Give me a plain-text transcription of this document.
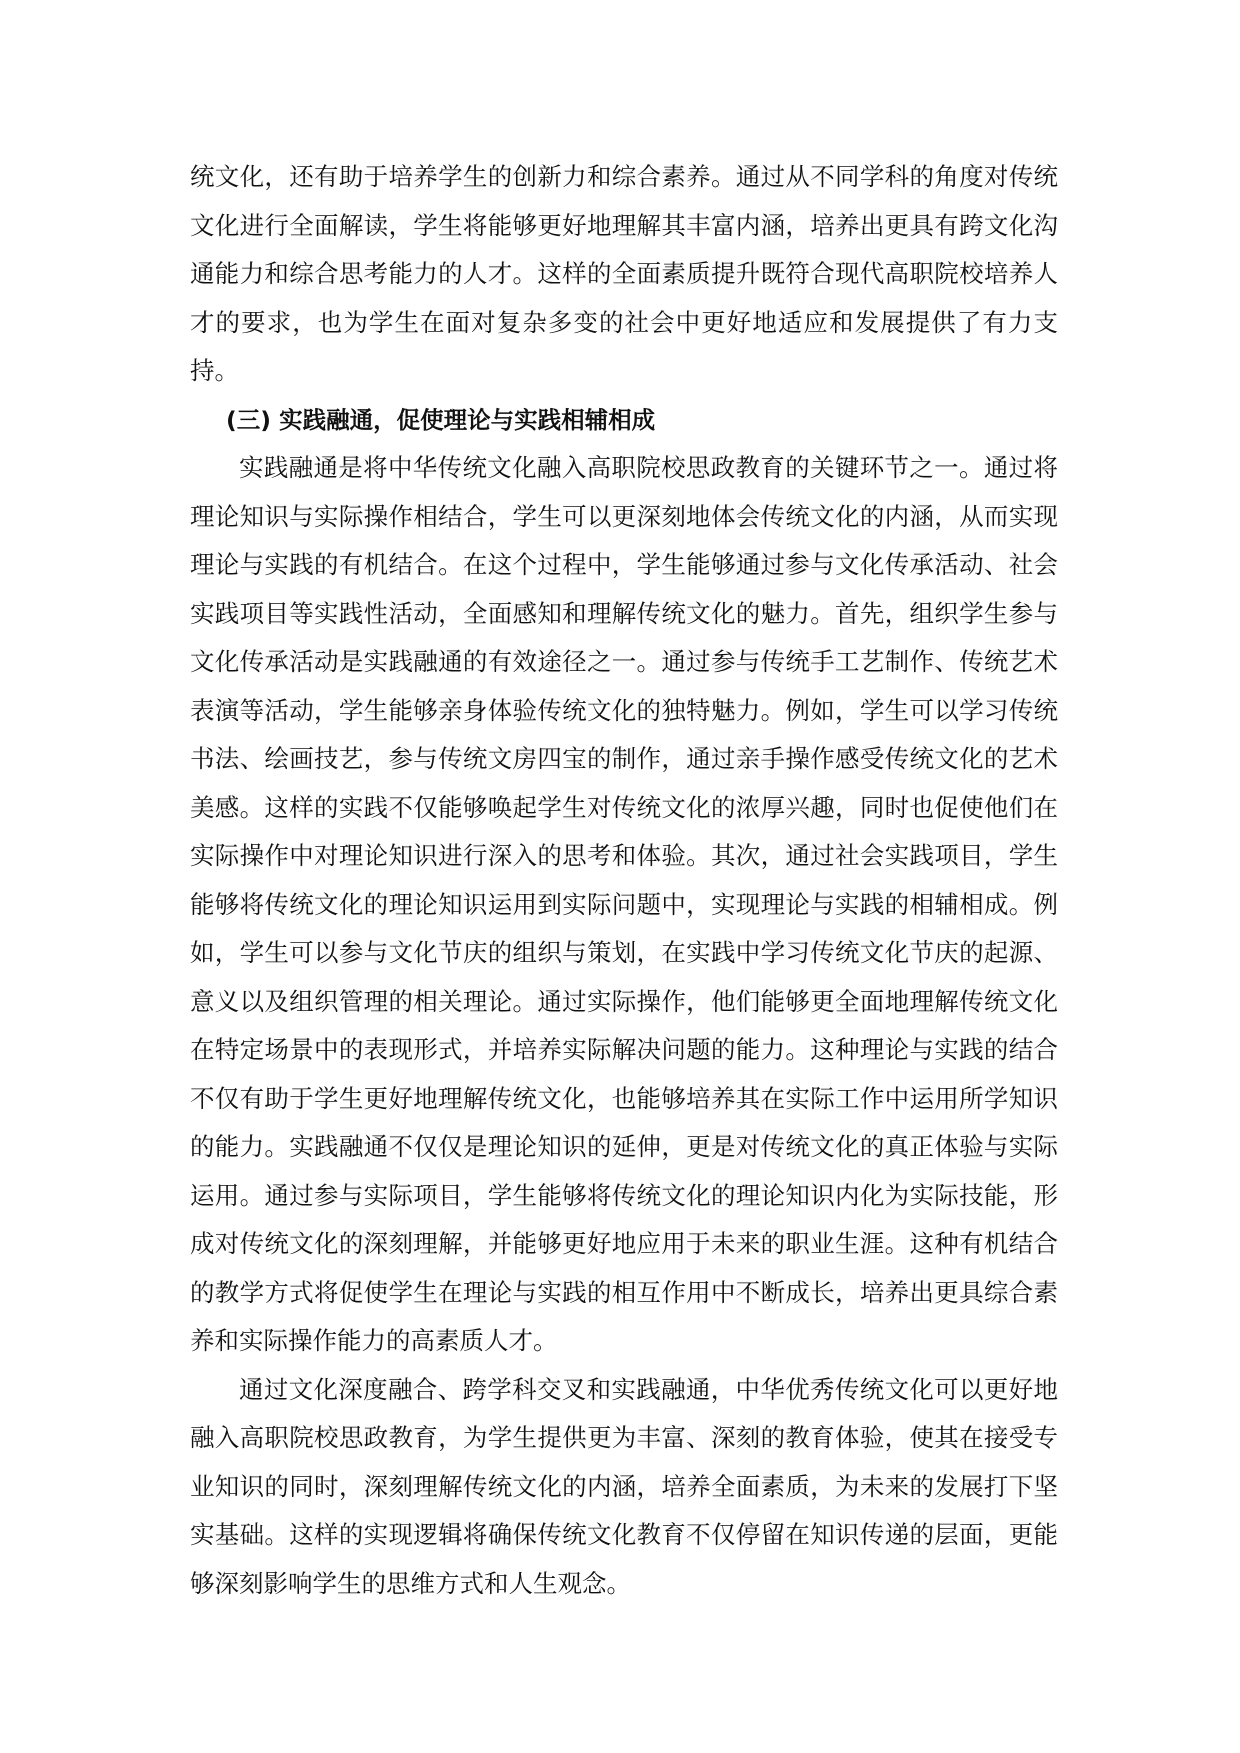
统文化，还有助于培养学生的创新力和综合素养。通过从不同学科的角度对传统文化进行全面解读，学生将能够更好地理解其丰富内涵，培养出更具有跨文化沟通能力和综合思考能力的人才。这样的全面素质提升既符合现代高职院校培养人才的要求，也为学生在面对复杂多变的社会中更好地适应和发展提供了有力支持。

(三) 实践融通，促使理论与实践相辅相成

实践融通是将中华传统文化融入高职院校思政教育的关键环节之一。通过将理论知识与实际操作相结合，学生可以更深刻地体会传统文化的内涵，从而实现理论与实践的有机结合。在这个过程中，学生能够通过参与文化传承活动、社会实践项目等实践性活动，全面感知和理解传统文化的魅力。首先，组织学生参与文化传承活动是实践融通的有效途径之一。通过参与传统手工艺制作、传统艺术表演等活动，学生能够亲身体验传统文化的独特魅力。例如，学生可以学习传统书法、绘画技艺，参与传统文房四宝的制作，通过亲手操作感受传统文化的艺术美感。这样的实践不仅能够唤起学生对传统文化的浓厚兴趣，同时也促使他们在实际操作中对理论知识进行深入的思考和体验。其次，通过社会实践项目，学生能够将传统文化的理论知识运用到实际问题中，实现理论与实践的相辅相成。例如，学生可以参与文化节庆的组织与策划，在实践中学习传统文化节庆的起源、意义以及组织管理的相关理论。通过实际操作，他们能够更全面地理解传统文化在特定场景中的表现形式，并培养实际解决问题的能力。这种理论与实践的结合不仅有助于学生更好地理解传统文化，也能够培养其在实际工作中运用所学知识的能力。实践融通不仅仅是理论知识的延伸，更是对传统文化的真正体验与实际运用。通过参与实际项目，学生能够将传统文化的理论知识内化为实际技能，形成对传统文化的深刻理解，并能够更好地应用于未来的职业生涯。这种有机结合的教学方式将促使学生在理论与实践的相互作用中不断成长，培养出更具综合素养和实际操作能力的高素质人才。

通过文化深度融合、跨学科交叉和实践融通，中华优秀传统文化可以更好地融入高职院校思政教育，为学生提供更为丰富、深刻的教育体验，使其在接受专业知识的同时，深刻理解传统文化的内涵，培养全面素质，为未来的发展打下坚实基础。这样的实现逻辑将确保传统文化教育不仅停留在知识传递的层面，更能够深刻影响学生的思维方式和人生观念。
